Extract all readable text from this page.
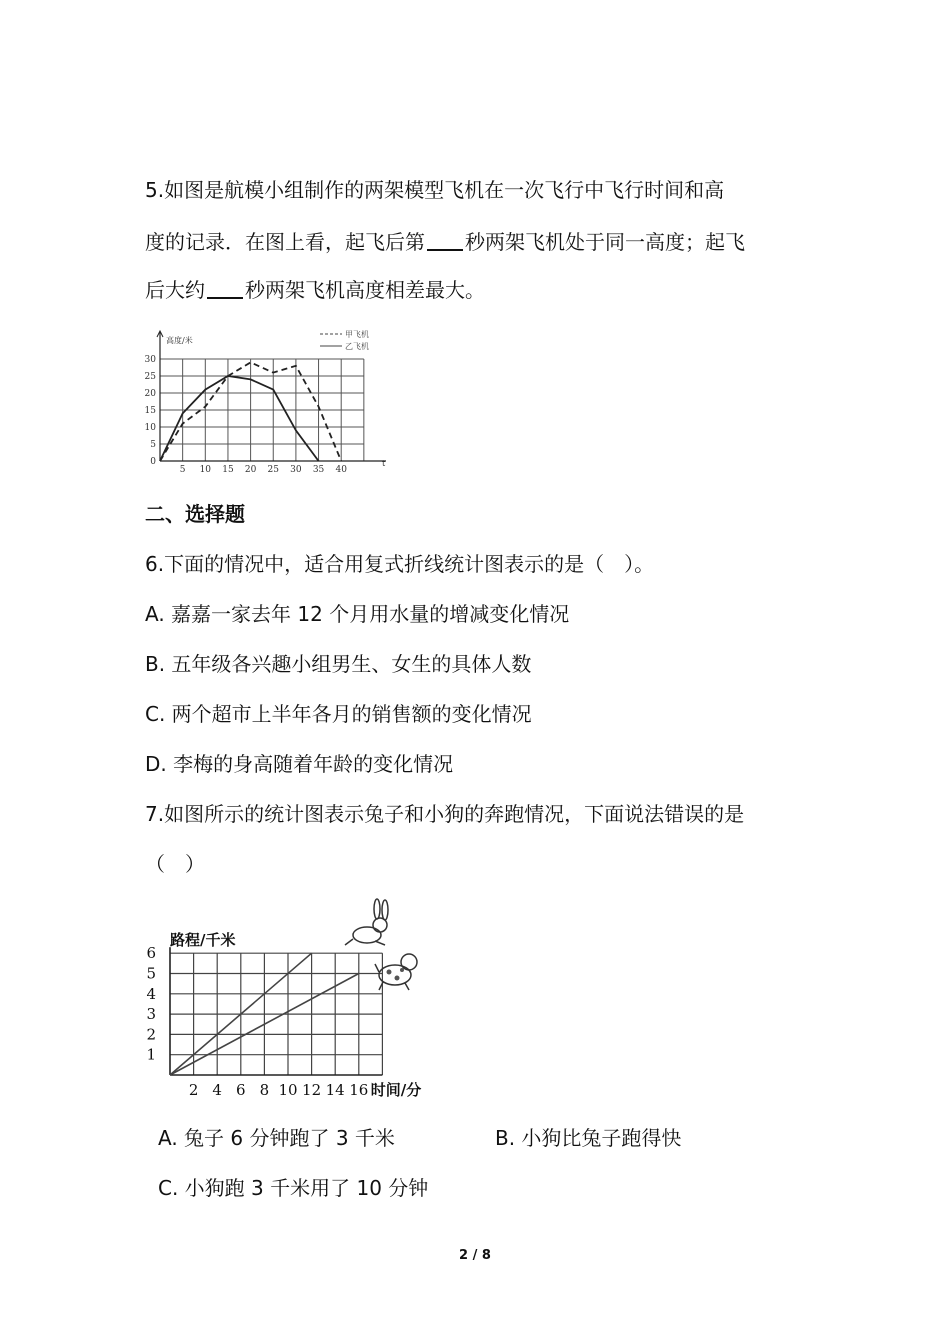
5.如图是航模小组制作的两架模型飞机在一次飞行中飞行时间和高
度的记录．在图上看，起飞后第 秒两架飞机处于同一高度；起飞
后大约 秒两架飞机高度相差最大。
0
5
10
15
20
25
30
5 10 15 20 25 30 35 40
高度/米
t
甲飞机
乙飞机
二、选择题
6.下面的情况中，适合用复式折线统计图表示的是（　）。
A. 嘉嘉一家去年 12 个月用水量的增减变化情况
B. 五年级各兴趣小组男生、女生的具体人数
C. 两个超市上半年各月的销售额的变化情况
D. 李梅的身高随着年龄的变化情况
7.如图所示的统计图表示兔子和小狗的奔跑情况，下面说法错误的是
（　）
1
2
3
4
5
6
2 4 6 8 10 12 14 16
路程/千米
时间/分
A. 兔子 6 分钟跑了 3 千米	B. 小狗比兔子跑得快
C. 小狗跑 3 千米用了 10 分钟
2 / 8
